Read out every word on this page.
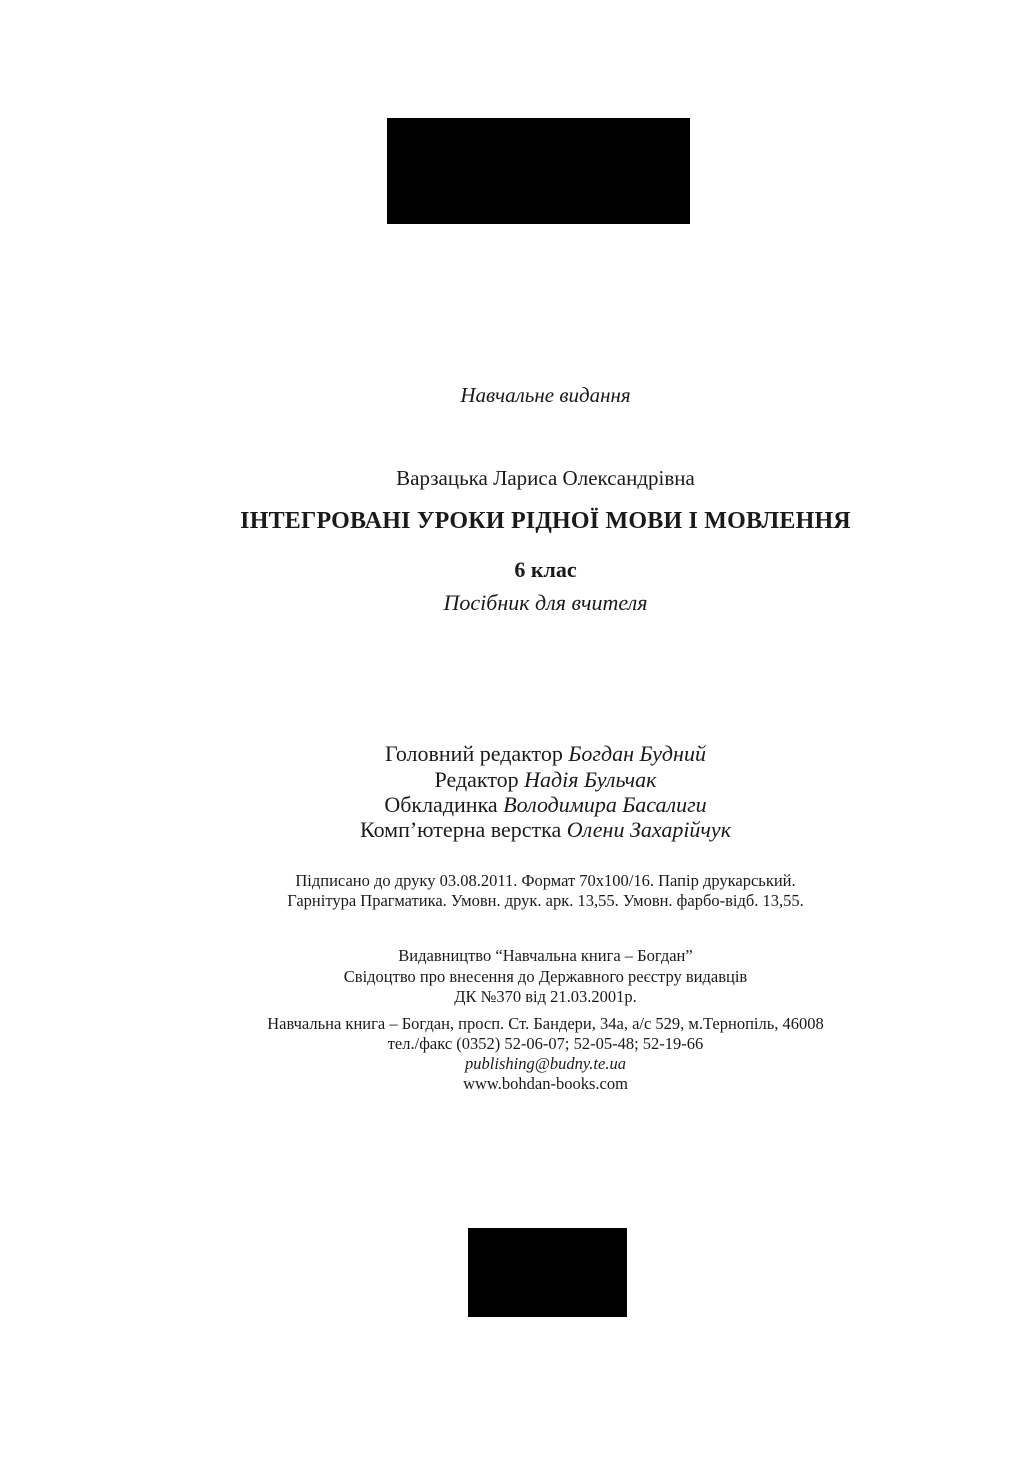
Навчальне видання
Варзацька Лариса Олександрівна
ІНТЕГРОВАНІ УРОКИ РІДНОЇ МОВИ І МОВЛЕННЯ
6 клас
Посібник для вчителя
Головний редактор Богдан Будний
Редактор Надія Бульчак
Обкладинка Володимира Басалиги
Комп’ютерна верстка Олени Захарійчук
Підписано до друку 03.08.2011. Формат 70x100/16. Папір друкарський.
Гарнітура Прагматика. Умовн. друк. арк. 13,55. Умовн. фарбо-відб. 13,55.
Видавництво “Навчальна книга – Богдан”
Свідоцтво про внесення до Державного реєстру видавців
ДК №370 від 21.03.2001р.
Навчальна книга – Богдан, просп. Ст. Бандери, 34а, а/с 529, м.Тернопіль, 46008
тел./факс (0352) 52-06-07; 52-05-48; 52-19-66
publishing@budny.te.ua
www.bohdan-books.com
